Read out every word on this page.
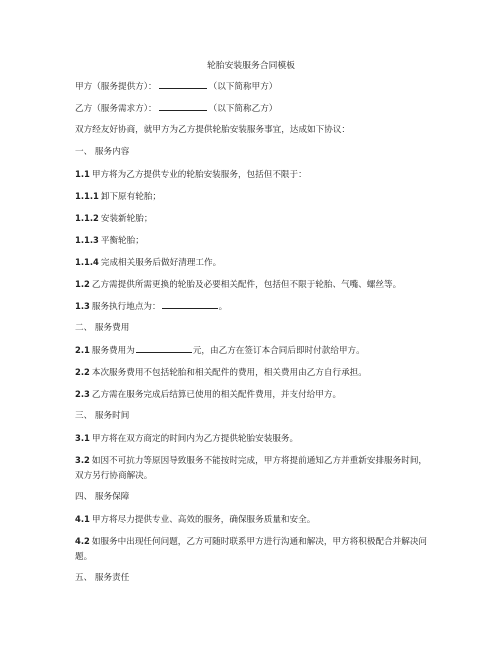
轮胎安装服务合同模板
甲方（服务提供方）：	（以下简称甲方）
乙方（服务需求方）：	（以下简称乙方）
双方经友好协商，就甲方为乙方提供轮胎安装服务事宜，达成如下协议：
一、 服务内容
1.1 甲方将为乙方提供专业的轮胎安装服务，包括但不限于：
1.1.1 卸下原有轮胎；
1.1.2 安装新轮胎；
1.1.3 平衡轮胎；
1.1.4 完成相关服务后做好清理工作。
1.2 乙方需提供所需更换的轮胎及必要相关配件，包括但不限于轮胎、气嘴、螺丝等。
1.3 服务执行地点为：	。
二、 服务费用
2.1 服务费用为	元，由乙方在签订本合同后即时付款给甲方。
2.2 本次服务费用不包括轮胎和相关配件的费用，相关费用由乙方自行承担。
2.3 乙方需在服务完成后结算已使用的相关配件费用，并支付给甲方。
三、 服务时间
3.1 甲方将在双方商定的时间内为乙方提供轮胎安装服务。
3.2 如因不可抗力等原因导致服务不能按时完成，甲方将提前通知乙方并重新安排服务时间，双方另行协商解决。
四、 服务保障
4.1 甲方将尽力提供专业、高效的服务，确保服务质量和安全。
4.2 如服务中出现任何问题，乙方可随时联系甲方进行沟通和解决，甲方将积极配合并解决问题。
五、 服务责任
